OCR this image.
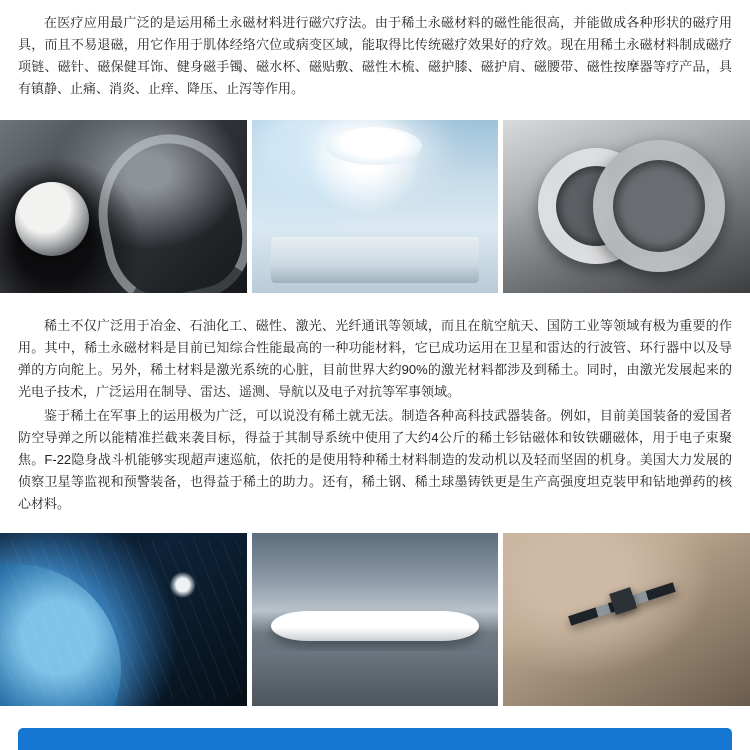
在医疗应用最广泛的是运用稀土永磁材料进行磁穴疗法。由于稀土永磁材料的磁性能很高，并能做成各种形状的磁疗用具，而且不易退磁，用它作用于肌体经络穴位或病变区域，能取得比传统磁疗效果好的疗效。现在用稀土永磁材料制成磁疗项链、磁针、磁保健耳饰、健身磁手镯、磁水杯、磁贴敷、磁性木梳、磁护膝、磁护肩、磁腰带、磁性按摩器等疗产品，具有镇静、止痛、消炎、止痒、降压、止泻等作用。

稀土不仅广泛用于冶金、石油化工、磁性、激光、光纤通讯等领域，而且在航空航天、国防工业等领域有极为重要的作用。其中，稀土永磁材料是目前已知综合性能最高的一种功能材料，它已成功运用在卫星和雷达的行波管、环行器中以及导弹的方向舵上。另外，稀土材料是激光系统的心脏，目前世界大约90%的激光材料都涉及到稀土。同时，由激光发展起来的光电子技术，广泛运用在制导、雷达、遥测、导航以及电子对抗等军事领域。

鉴于稀土在军事上的运用极为广泛，可以说没有稀土就无法。制造各种高科技武器装备。例如，目前美国装备的爱国者防空导弹之所以能精准拦截来袭目标，得益于其制导系统中使用了大约4公斤的稀土钐钴磁体和钕铁硼磁体，用于电子束聚焦。F-22隐身战斗机能够实现超声速巡航，依托的是使用特种稀土材料制造的发动机以及轻而坚固的机身。美国大力发展的侦察卫星等监视和预警装备，也得益于稀土的助力。还有，稀土钢、稀土球墨铸铁更是生产高强度坦克装甲和钻地弹药的核心材料。
